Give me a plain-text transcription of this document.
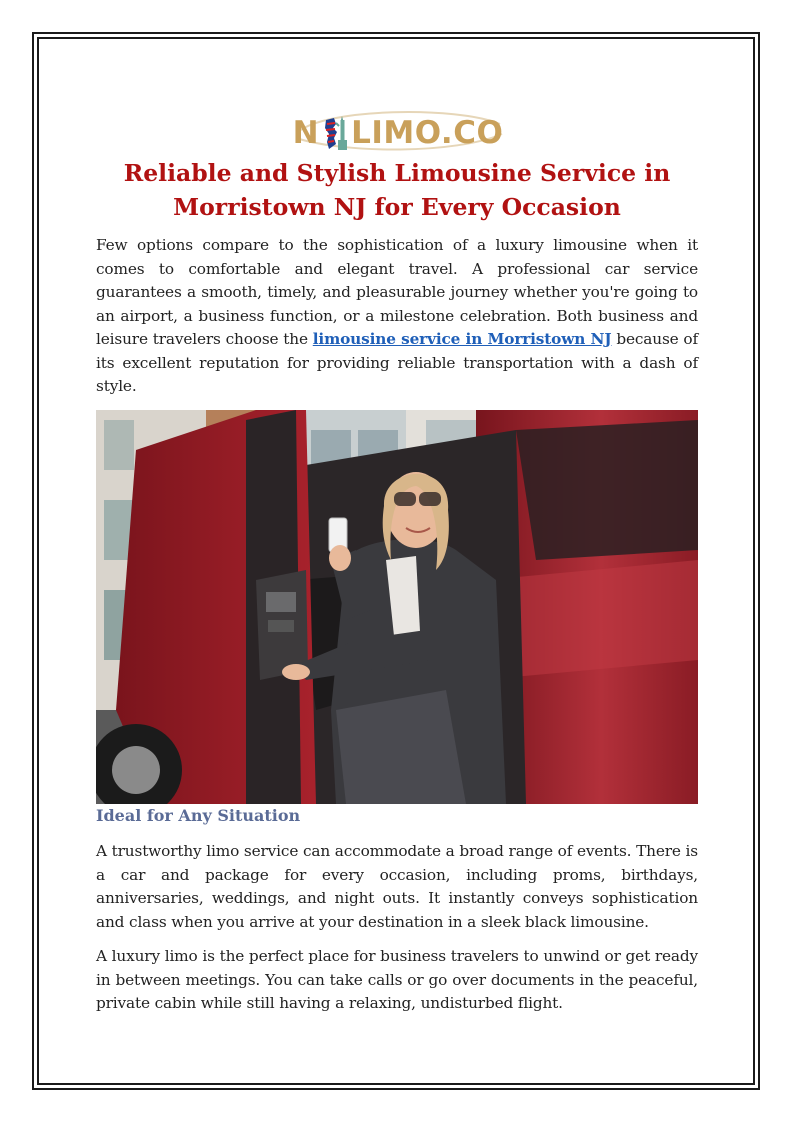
N LIMO.CO
Reliable and Stylish Limousine Service in Morristown NJ for Every Occasion

Few options compare to the sophistication of a luxury limousine when it comes to comfortable and elegant travel. A professional car service guarantees a smooth, timely, and pleasurable journey whether you're going to an airport, a business function, or a milestone celebration. Both business and leisure travelers choose the limousine service in Morristown NJ because of its excellent reputation for providing reliable transportation with a dash of style.

Ideal for Any Situation

A trustworthy limo service can accommodate a broad range of events. There is a car and package for every occasion, including proms, birthdays, anniversaries, weddings, and night outs. It instantly conveys sophistication and class when you arrive at your destination in a sleek black limousine.

A luxury limo is the perfect place for business travelers to unwind or get ready in between meetings. You can take calls or go over documents in the peaceful, private cabin while still having a relaxing, undisturbed flight.
